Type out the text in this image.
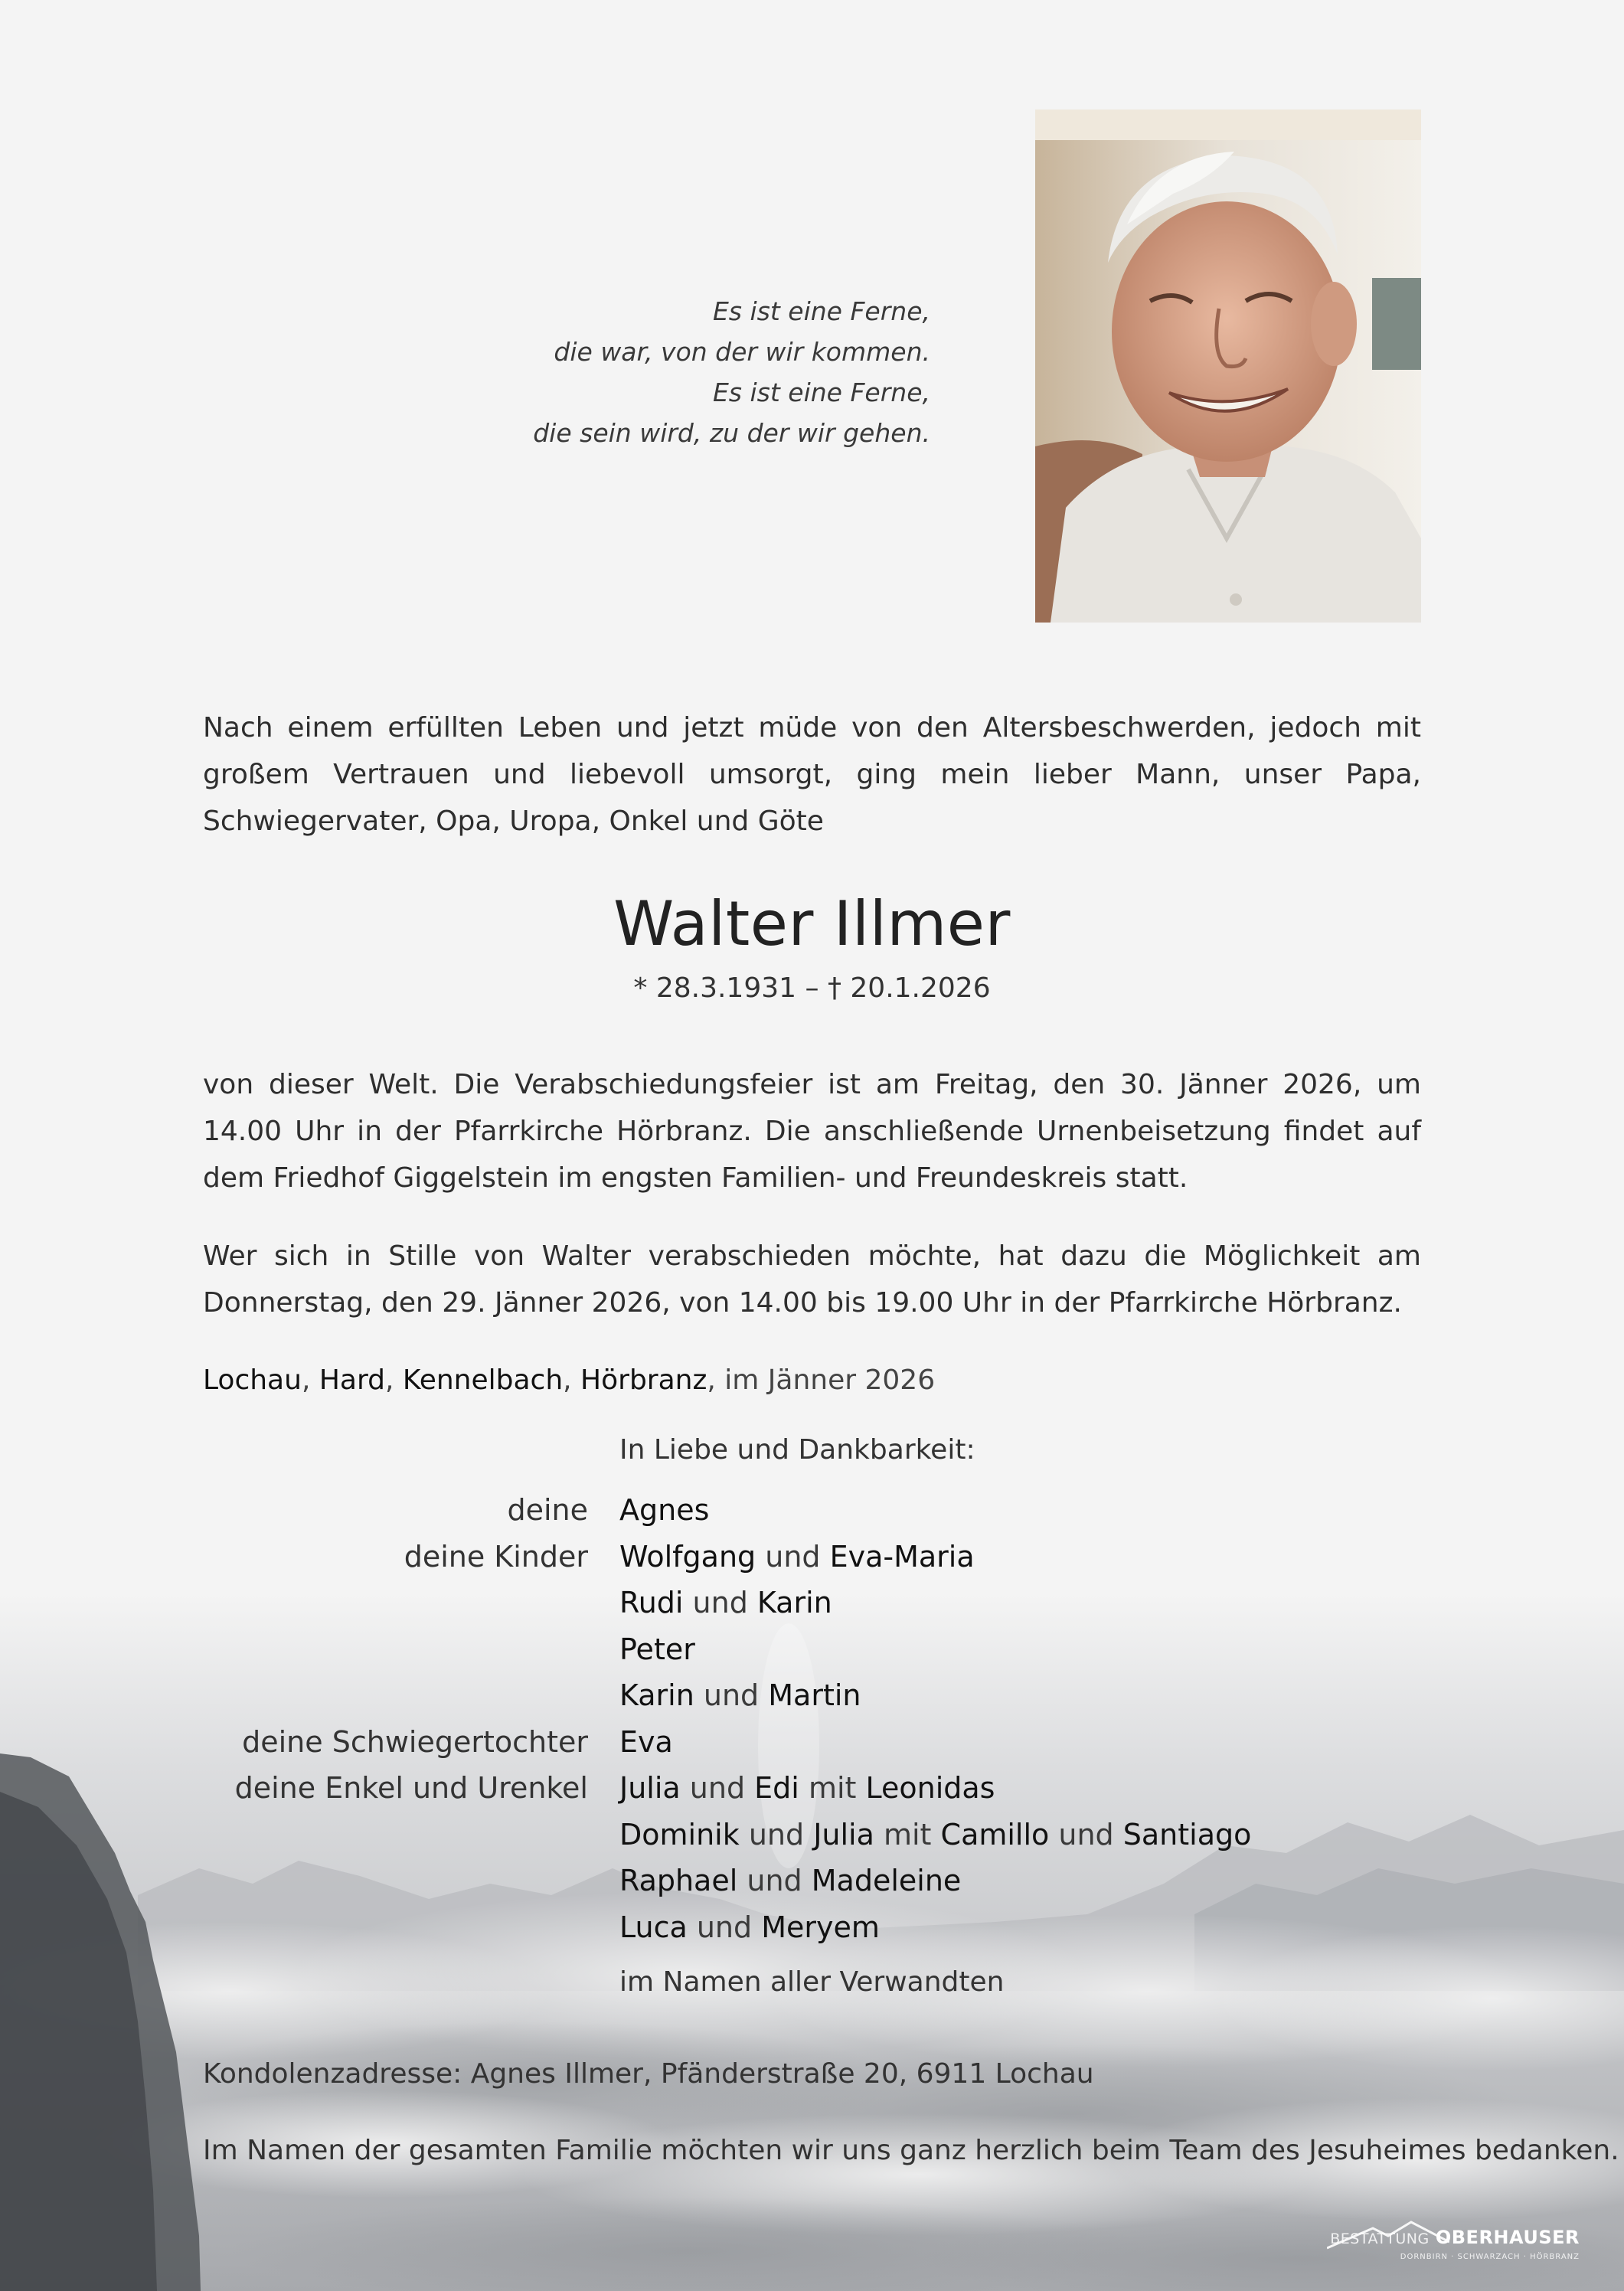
Es ist eine Ferne,
die war, von der wir kommen.
Es ist eine Ferne,
die sein wird, zu der wir gehen.
Nach einem erfüllten Leben und jetzt müde von den Altersbeschwerden, jedoch mit großem Vertrauen und liebevoll umsorgt, ging mein lieber Mann, unser Papa, Schwiegervater, Opa, Uropa, Onkel und Göte
Walter Illmer
* 28.3.1931 – † 20.1.2026
von dieser Welt. Die Verabschiedungsfeier ist am Freitag, den 30. Jänner 2026, um 14.00 Uhr in der Pfarrkirche Hörbranz. Die anschließende Urnenbeisetzung findet auf dem Friedhof Giggelstein im engsten Familien- und Freundeskreis statt.
Wer sich in Stille von Walter verabschieden möchte, hat dazu die Möglichkeit am Donnerstag, den 29. Jänner 2026, von 14.00 bis 19.00 Uhr in der Pfarrkirche Hörbranz.
Lochau, Hard, Kennelbach, Hörbranz, im Jänner 2026
In Liebe und Dankbarkeit:
deine Agnes
deine Kinder Wolfgang und Eva-Maria
Rudi und Karin
Peter
Karin und Martin
deine Schwiegertochter Eva
deine Enkel und Urenkel Julia und Edi mit Leonidas
Dominik und Julia mit Camillo und Santiago
Raphael und Madeleine
Luca und Meryem
im Namen aller Verwandten
Kondolenzadresse: Agnes Illmer, Pfänderstraße 20, 6911 Lochau
Im Namen der gesamten Familie möchten wir uns ganz herzlich beim Team des Jesuheimes bedanken.
BESTATTUNG OBERHAUSER
DORNBIRN · SCHWARZACH · HÖRBRANZ
